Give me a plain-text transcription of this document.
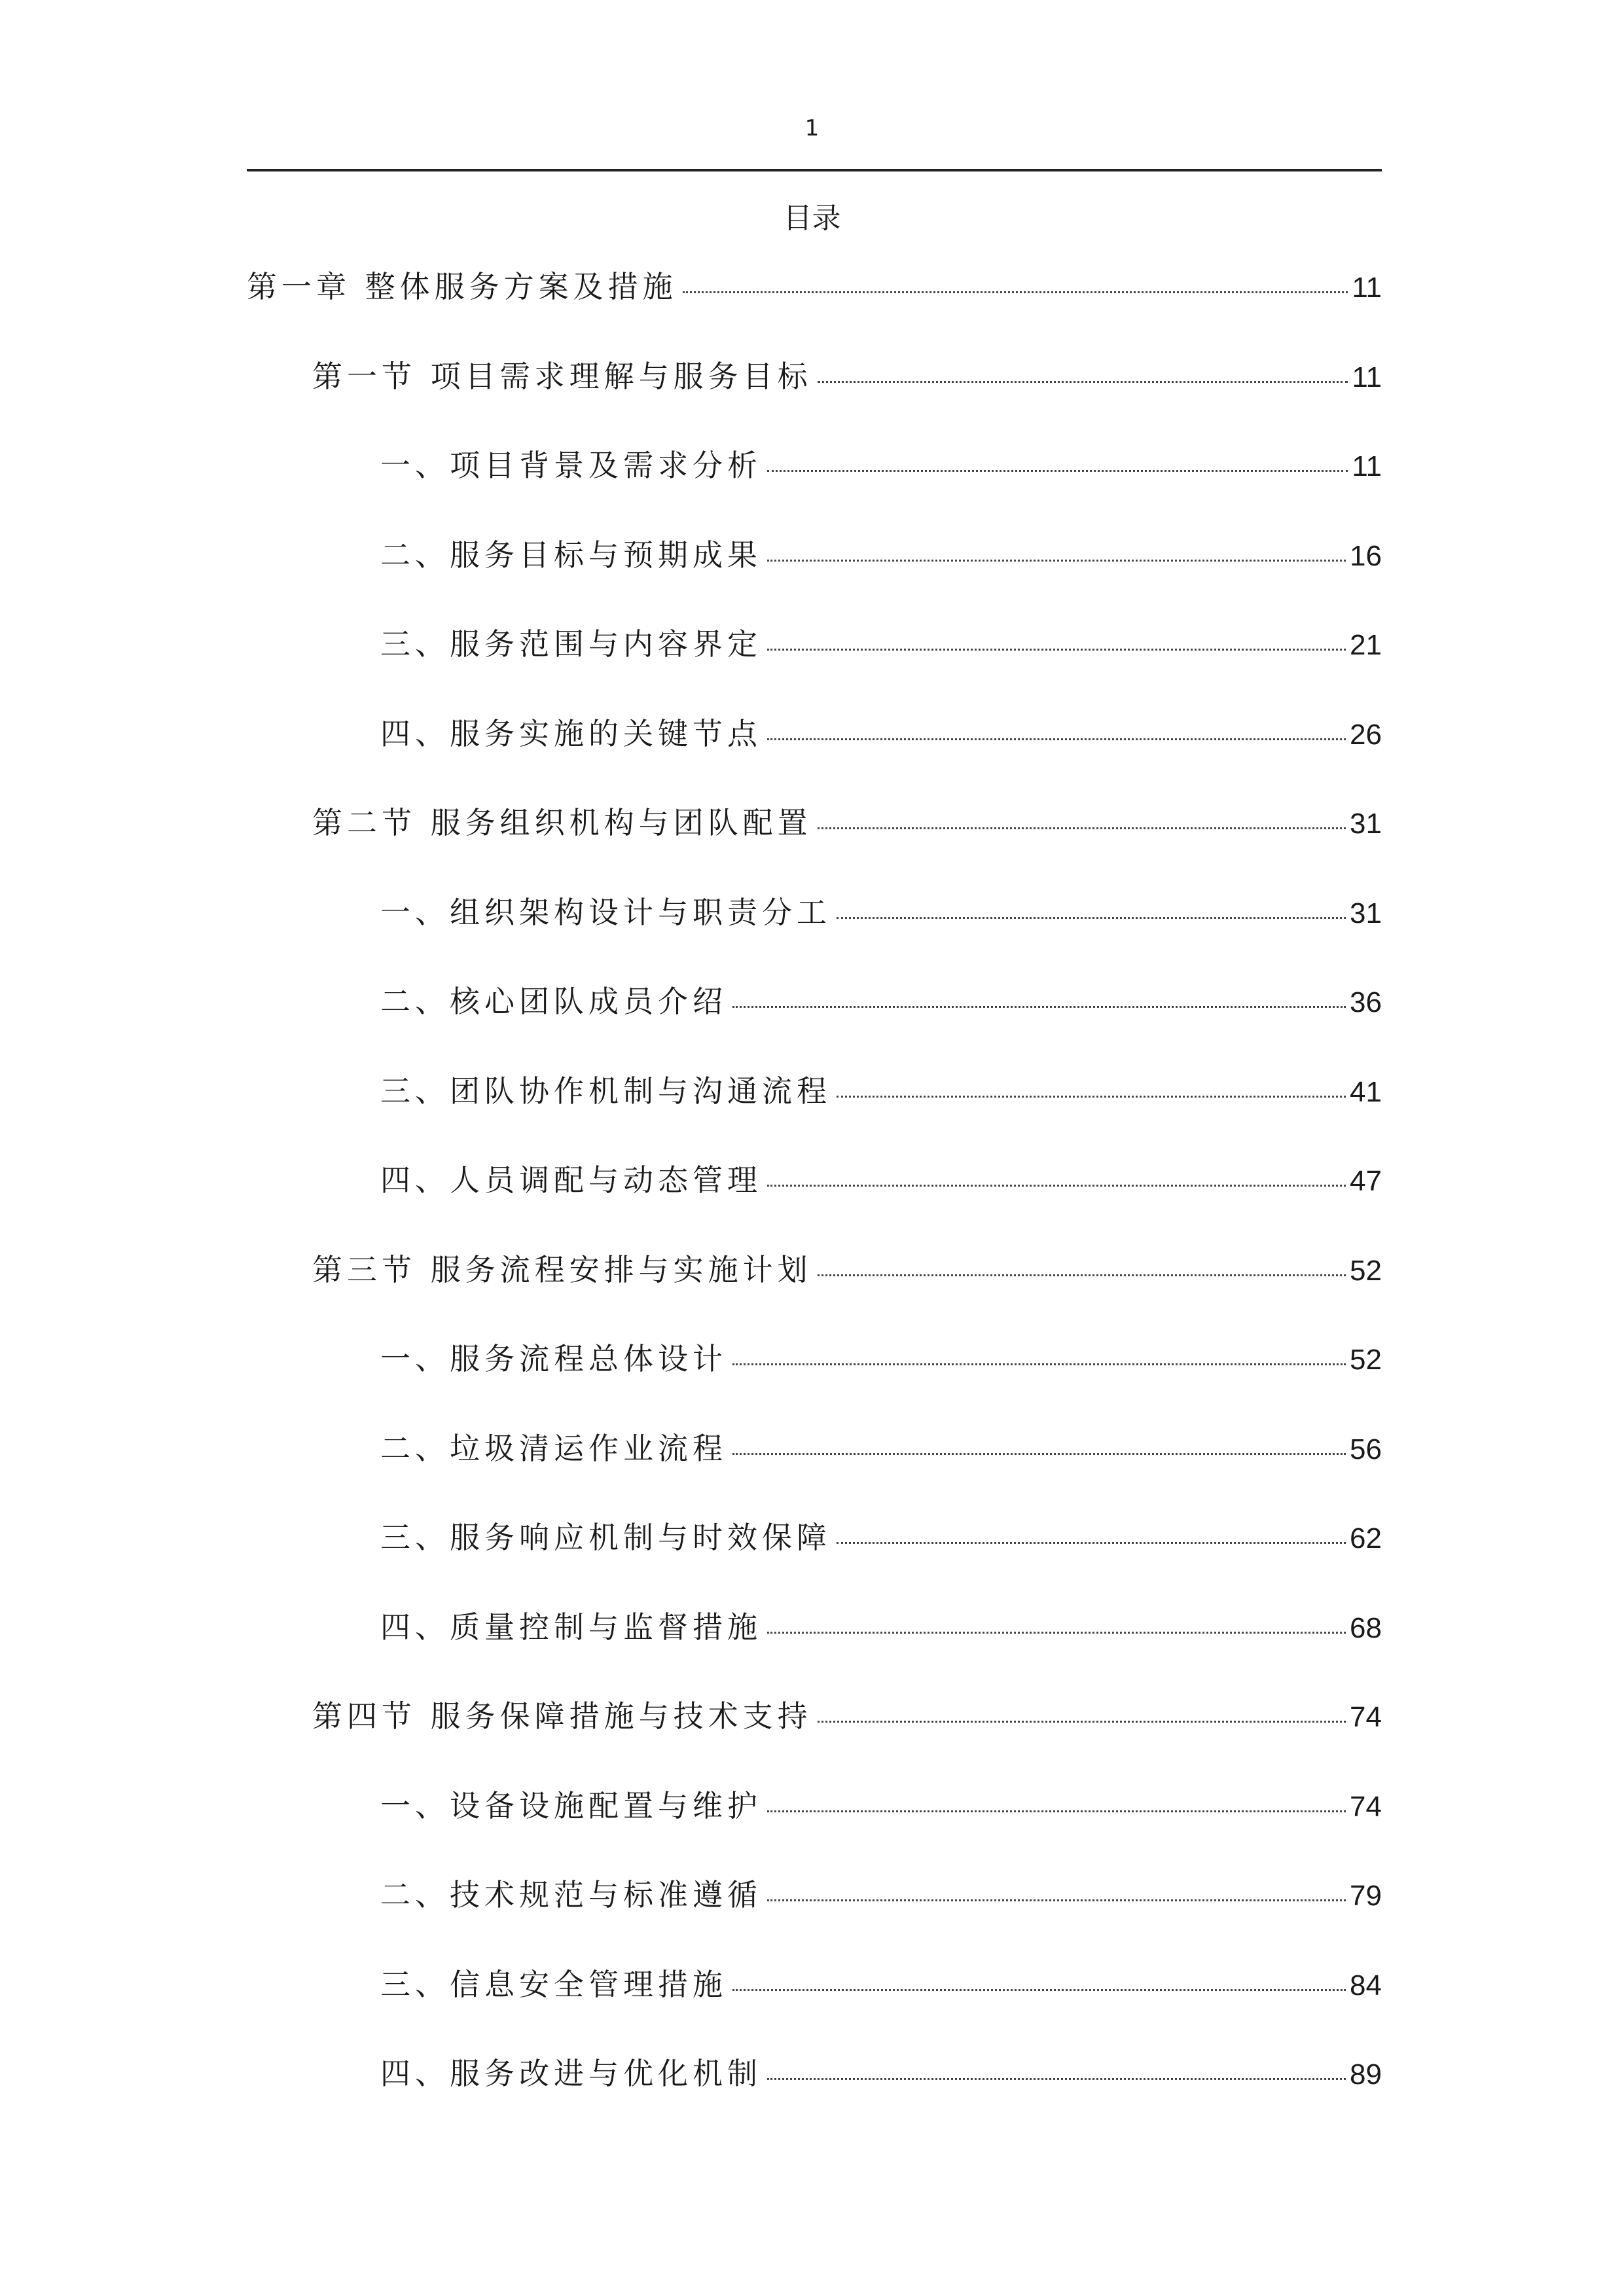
1
目录
第一章 整体服务方案及措施	11
第一节 项目需求理解与服务目标	11
一、项目背景及需求分析	11
二、服务目标与预期成果	16
三、服务范围与内容界定	21
四、服务实施的关键节点	26
第二节 服务组织机构与团队配置	31
一、组织架构设计与职责分工	31
二、核心团队成员介绍	36
三、团队协作机制与沟通流程	41
四、人员调配与动态管理	47
第三节 服务流程安排与实施计划	52
一、服务流程总体设计	52
二、垃圾清运作业流程	56
三、服务响应机制与时效保障	62
四、质量控制与监督措施	68
第四节 服务保障措施与技术支持	74
一、设备设施配置与维护	74
二、技术规范与标准遵循	79
三、信息安全管理措施	84
四、服务改进与优化机制	89
